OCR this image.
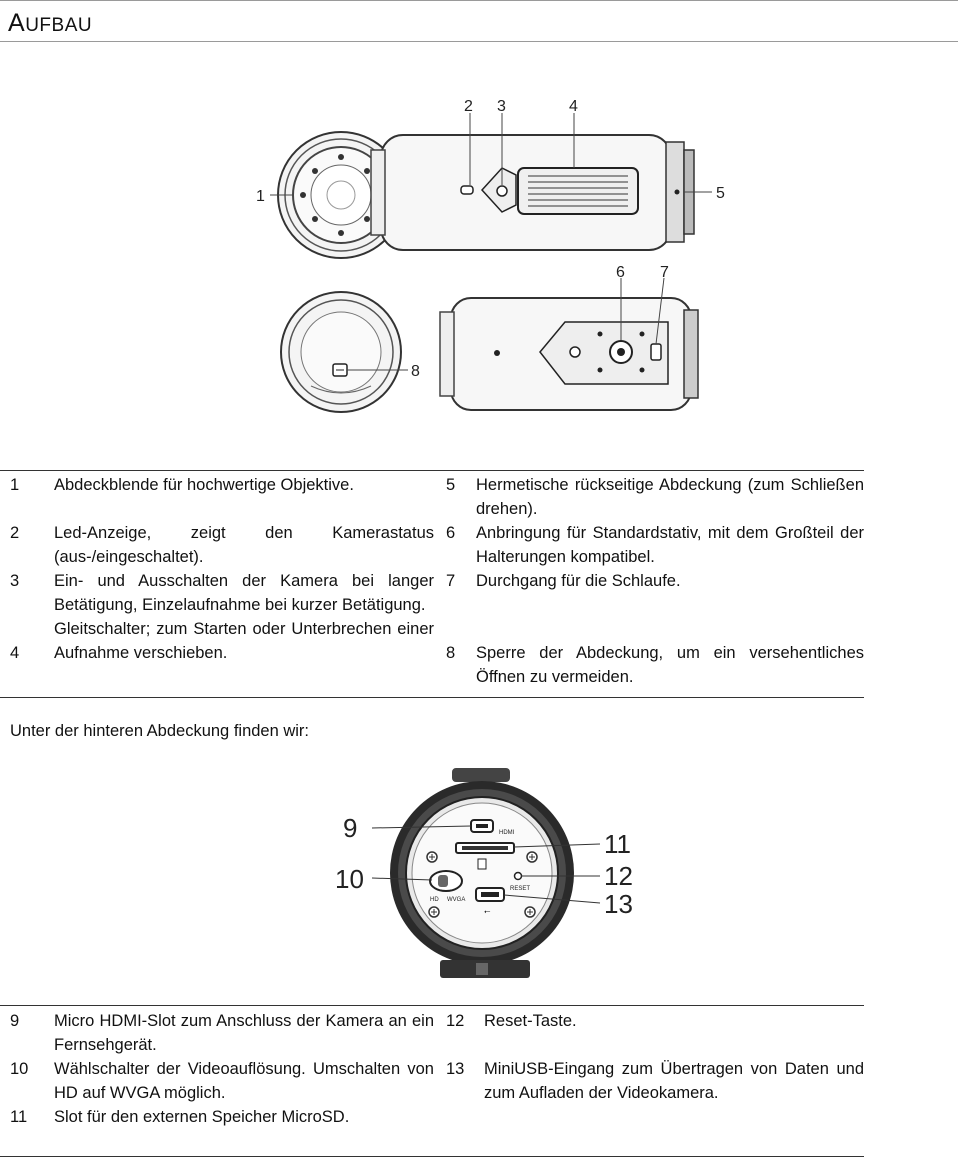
AUFBAU
1
2 3	4
5
8
6 7
1	Abdeckblende für hochwertige Objektive.	5	Hermetische rückseitige Abdeckung (zum Schließen drehen).
2	Led-Anzeige, zeigt den Kamerastatus (aus-/eingeschaltet).	6	Anbringung für Standardstativ, mit dem Großteil der Halterungen kompatibel.
3	Ein- und Ausschalten der Kamera bei langer Betätigung, Einzelaufnahme bei kurzer Betätigung.	7	Durchgang für die Schlaufe.
4	Gleitschalter; zum Starten oder Unterbrechen einer Aufnahme verschieben.	8	Sperre der Abdeckung, um ein versehentliches Öffnen zu vermeiden.
Unter der hinteren Abdeckung finden wir:
HDMI
HD WVGA
RESET
⭠
9
10
11
12
13
9	Micro HDMI-Slot zum Anschluss der Kamera an ein Fernsehgerät.	12	Reset-Taste.
10	Wählschalter der Videoauflösung. Umschalten von HD auf WVGA möglich.	13	MiniUSB-Eingang zum Übertragen von Daten und zum Aufladen der Videokamera.
11	Slot für den externen Speicher MicroSD.		
